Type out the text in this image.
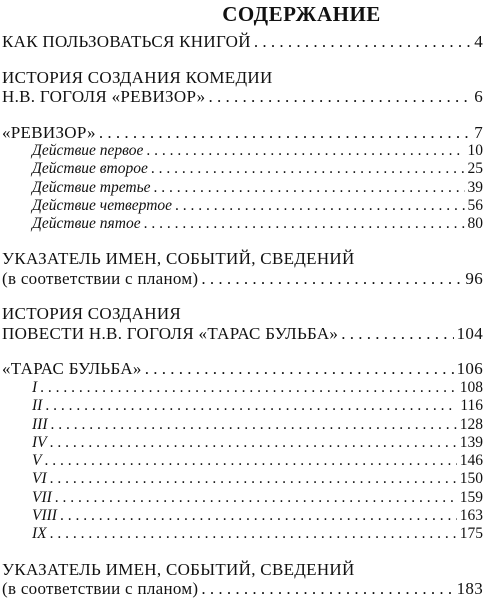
СОДЕРЖАНИЕ
КАК ПОЛЬЗОВАТЬСЯ КНИГОЙ . . .	4
ИСТОРИЯ СОЗДАНИЯ КОМЕДИИ
Н.В. ГОГОЛЯ «РЕВИЗОР» . . .	6
«РЕВИЗОР» . . .	7
Действие первое . . .	10
Действие второе . . .	25
Действие третье . . .	39
Действие четвертое . . .	56
Действие пятое . . .	80
УКАЗАТЕЛЬ ИМЕН, СОБЫТИЙ, СВЕДЕНИЙ
(в соответствии с планом) . . .	96
ИСТОРИЯ СОЗДАНИЯ
ПОВЕСТИ Н.В. ГОГОЛЯ «ТАРАС БУЛЬБА» . . .	104
«ТАРАС БУЛЬБА» . . .	106
I . . .	108
II . . .	116
III . . .	128
IV . . .	139
V . . .	146
VI . . .	150
VII . . .	159
VIII . . .	163
IX . . .	175
УКАЗАТЕЛЬ ИМЕН, СОБЫТИЙ, СВЕДЕНИЙ
(в соответствии с планом) . . .	183
